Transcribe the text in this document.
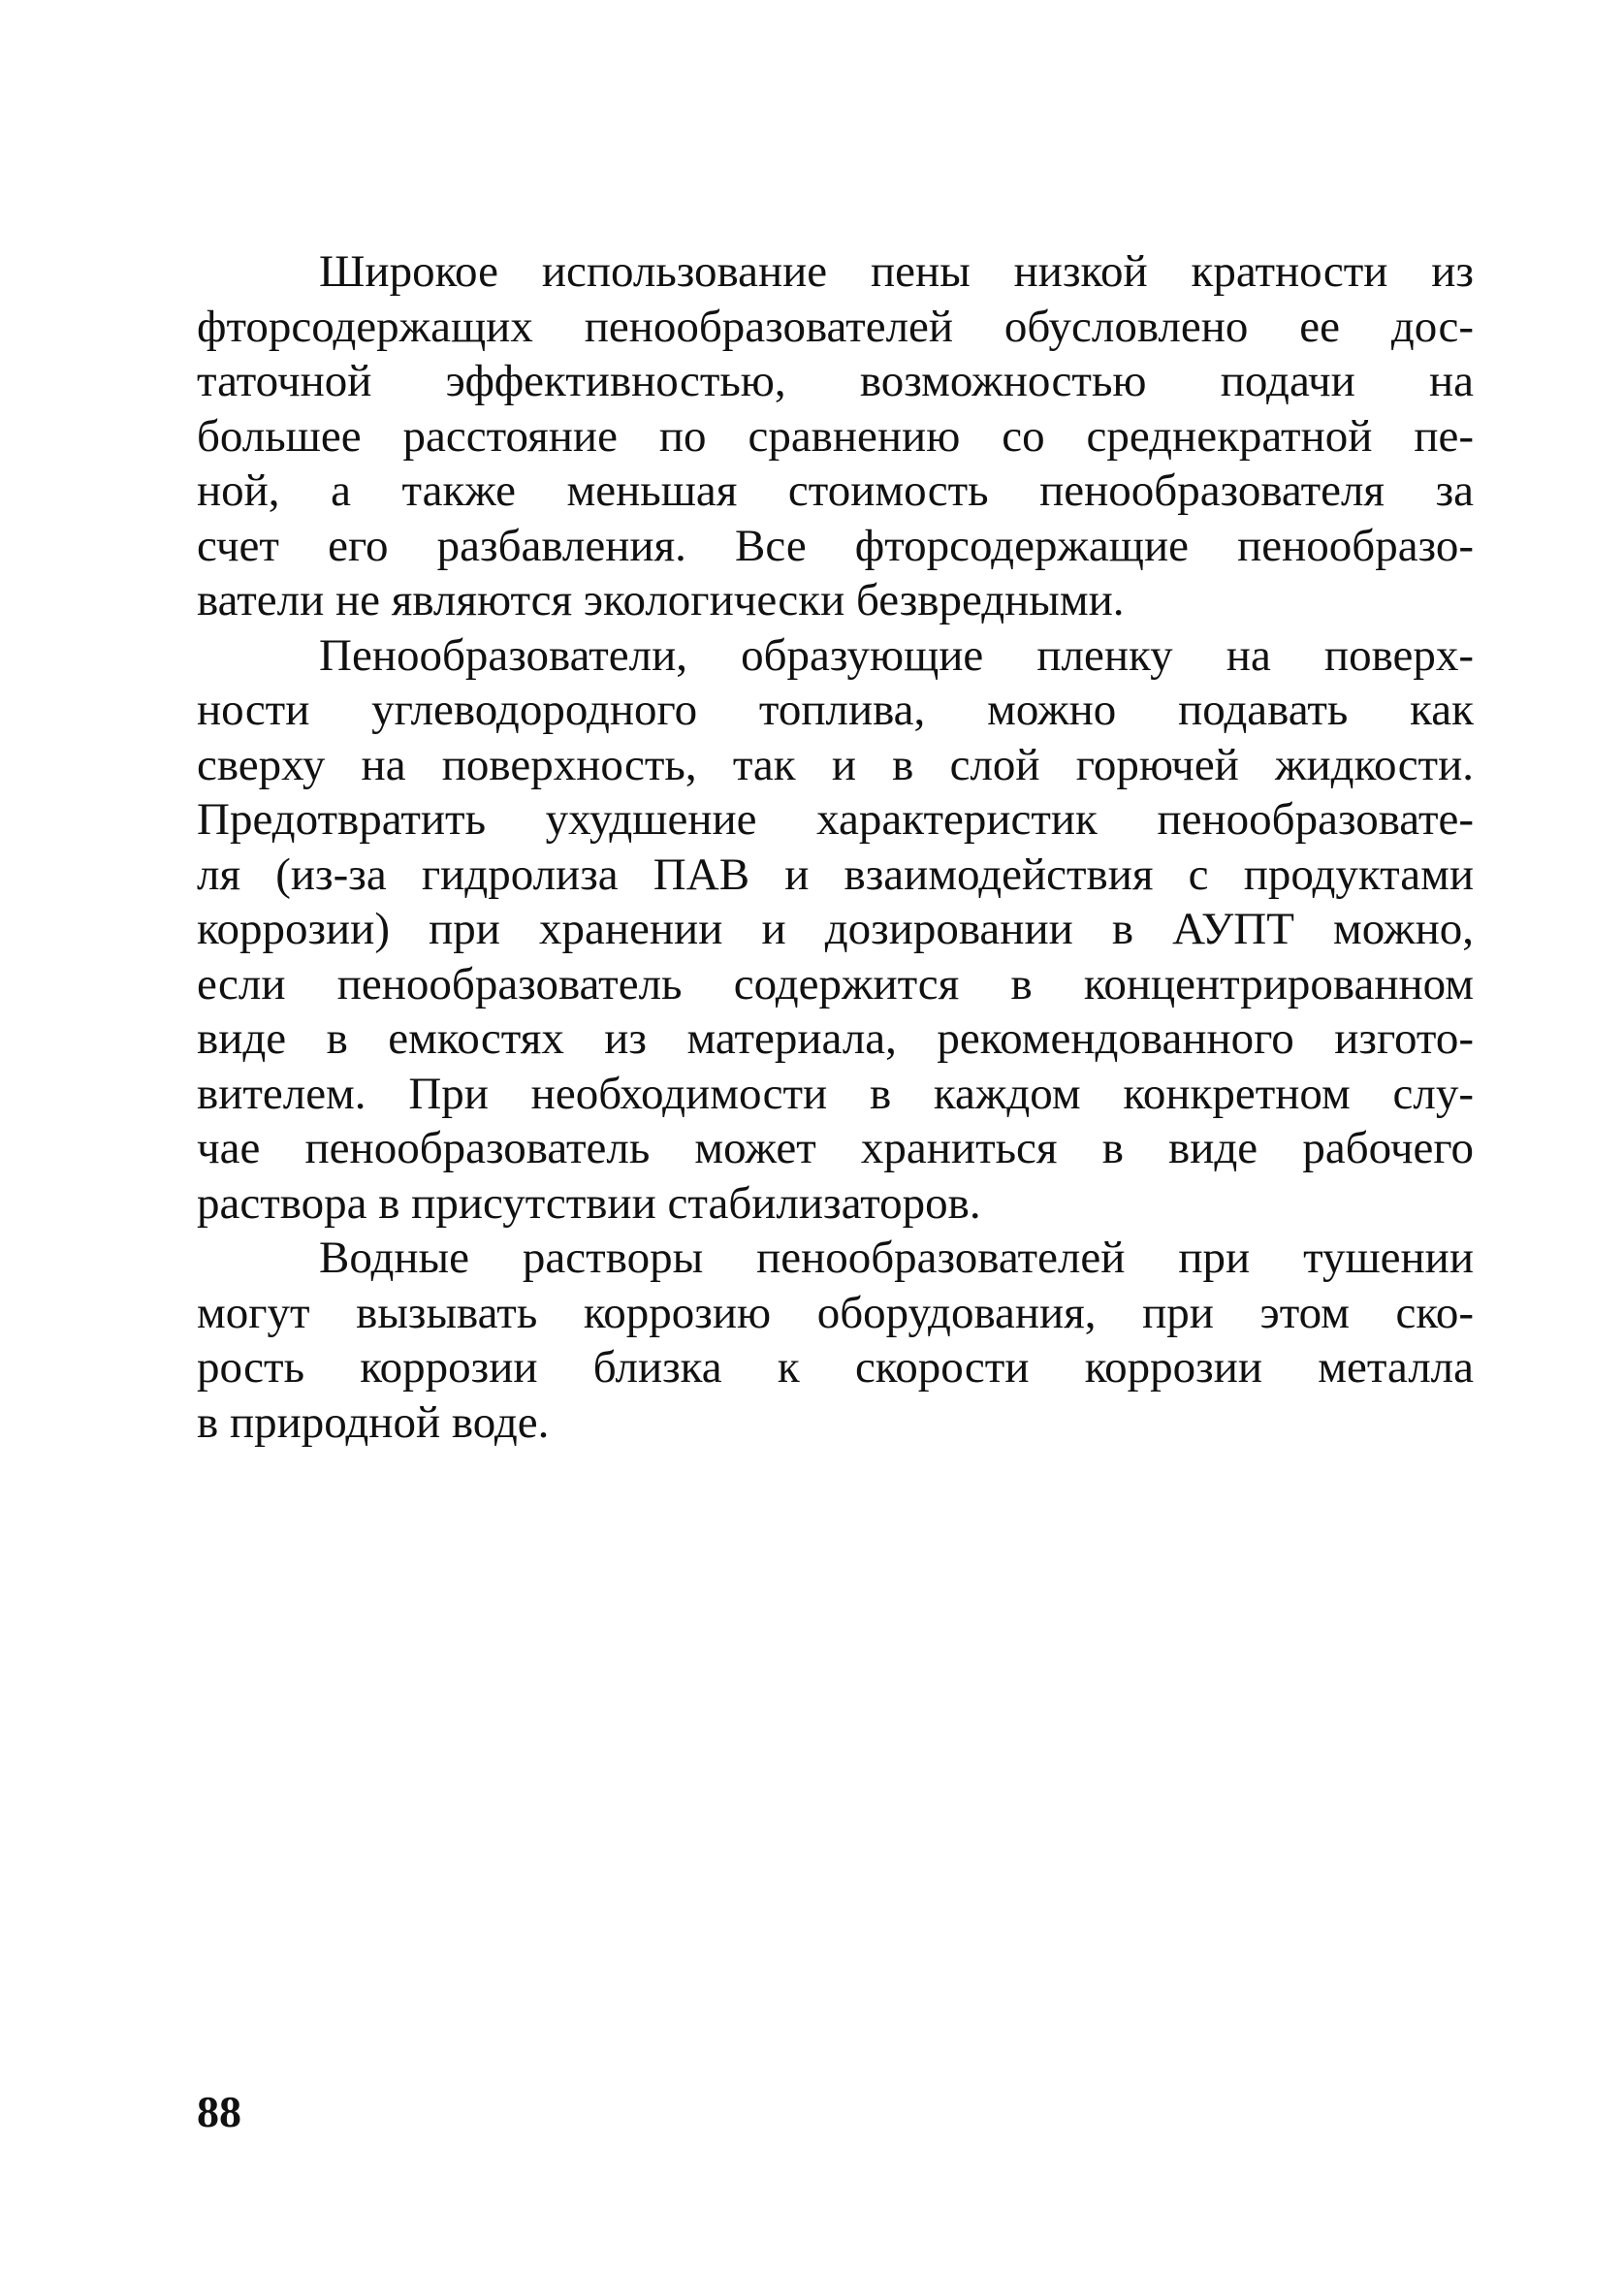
Широкое использование пены низкой кратности из
фторсодержащих пенообразователей обусловлено ее дос-
таточной эффективностью, возможностью подачи на
большее расстояние по сравнению со среднекратной пе-
ной, а также меньшая стоимость пенообразователя за
счет его разбавления. Все фторсодержащие пенообразо-
ватели не являются экологически безвредными.

Пенообразователи, образующие пленку на поверх-
ности углеводородного топлива, можно подавать как
сверху на поверхность, так и в слой горючей жидкости.
Предотвратить ухудшение характеристик пенообразовате-
ля (из-за гидролиза ПАВ и взаимодействия с продуктами
коррозии) при хранении и дозировании в АУПТ можно,
если пенообразователь содержится в концентрированном
виде в емкостях из материала, рекомендованного изгото-
вителем. При необходимости в каждом конкретном слу-
чае пенообразователь может храниться в виде рабочего
раствора в присутствии стабилизаторов.

Водные растворы пенообразователей при тушении
могут вызывать коррозию оборудования, при этом ско-
рость коррозии близка к скорости коррозии металла
в природной воде.

88
